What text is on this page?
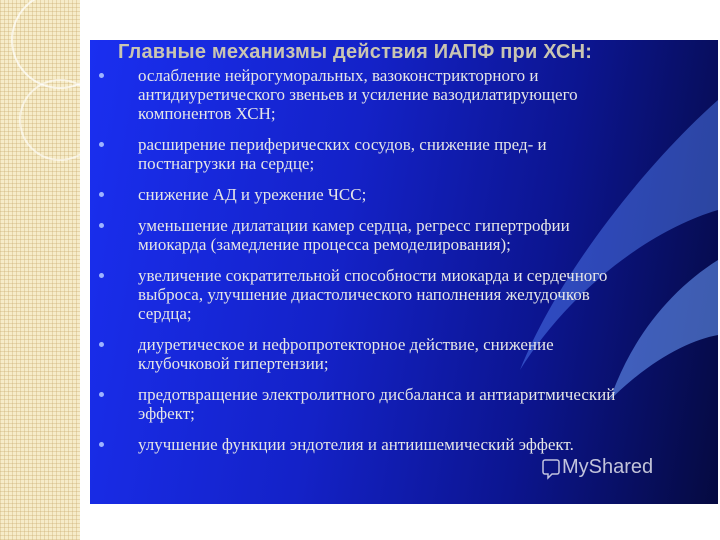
Главные механизмы действия ИАПФ при ХСН:
ослабление нейрогуморальных, вазоконстрикторного и
антидиуретического звеньев и усиление вазодилатирующего
компонентов ХСН;
расширение периферических сосудов, снижение пред- и
постнагрузки на сердце;
снижение АД и урежение ЧСС;
уменьшение дилатации камер сердца, регресс гипертрофии
миокарда (замедление процесса ремоделирования);
увеличение сократительной способности миокарда и сердечного
выброса, улучшение диастолического наполнения желудочков
сердца;
диуретическое и нефропротекторное действие, снижение
клубочковой гипертензии;
предотвращение электролитного дисбаланса и антиаритмический
эффект;
улучшение функции эндотелия и антиишемический эффект.
MyShared
